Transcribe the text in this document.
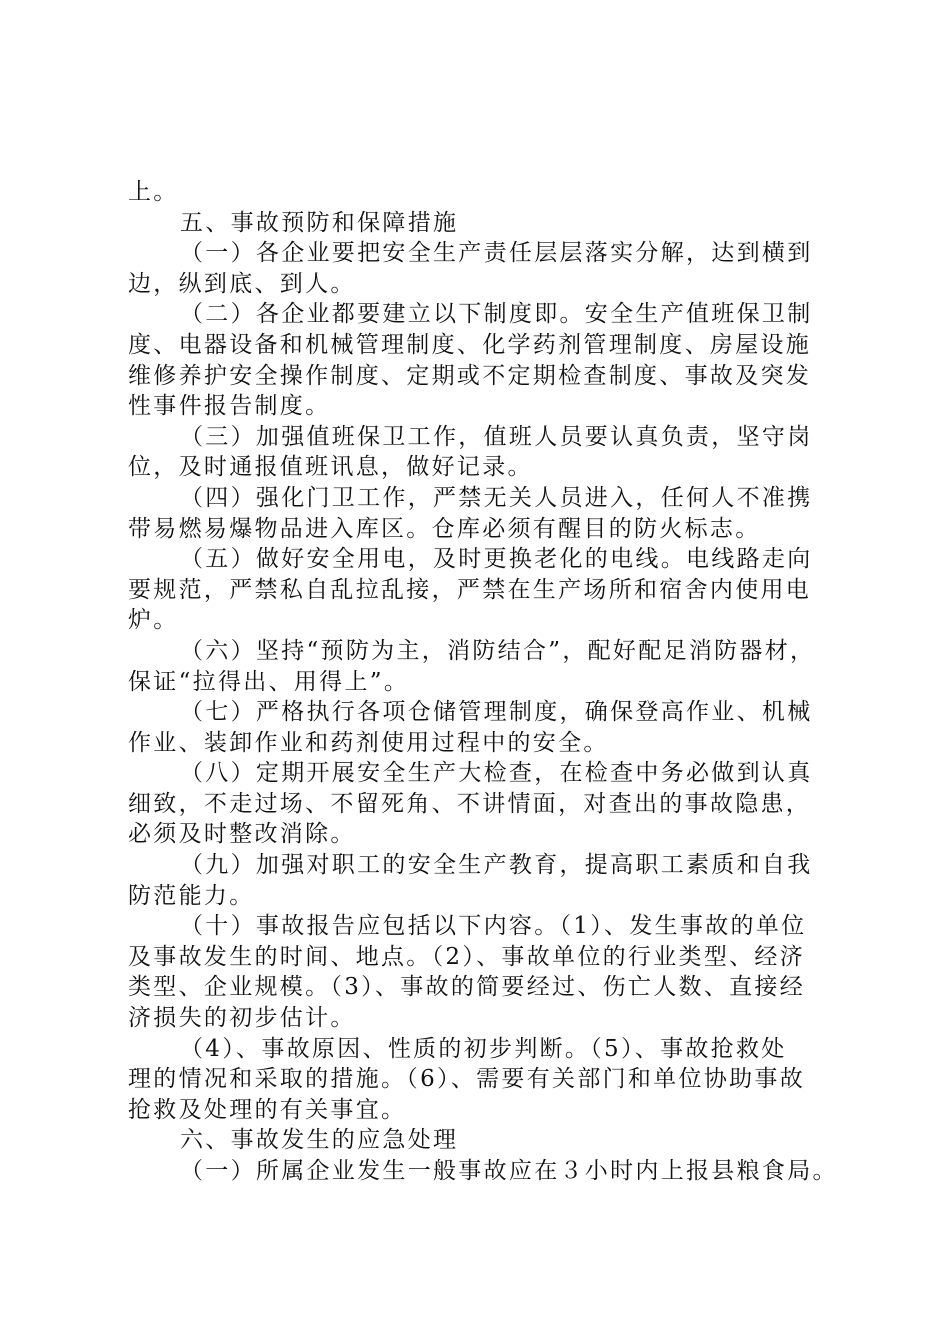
上。
五、事故预防和保障措施
（一）各企业要把安全生产责任层层落实分解，达到横到
边，纵到底、到人。
（二）各企业都要建立以下制度即。安全生产值班保卫制
度、电器设备和机械管理制度、化学药剂管理制度、房屋设施
维修养护安全操作制度、定期或不定期检查制度、事故及突发
性事件报告制度。
（三）加强值班保卫工作，值班人员要认真负责，坚守岗
位，及时通报值班讯息，做好记录。
（四）强化门卫工作，严禁无关人员进入，任何人不准携
带易燃易爆物品进入库区。仓库必须有醒目的防火标志。
（五）做好安全用电，及时更换老化的电线。电线路走向
要规范，严禁私自乱拉乱接，严禁在生产场所和宿舍内使用电
炉。
（六）坚持“预防为主，消防结合”，配好配足消防器材，
保证“拉得出、用得上”。
（七）严格执行各项仓储管理制度，确保登高作业、机械
作业、装卸作业和药剂使用过程中的安全。
（八）定期开展安全生产大检查，在检查中务必做到认真
细致，不走过场、不留死角、不讲情面，对查出的事故隐患，
必须及时整改消除。
（九）加强对职工的安全生产教育，提高职工素质和自我
防范能力。
（十）事故报告应包括以下内容。（1）、发生事故的单位
及事故发生的时间、地点。（2）、事故单位的行业类型、经济
类型、企业规模。（3）、事故的简要经过、伤亡人数、直接经
济损失的初步估计。
（4）、事故原因、性质的初步判断。（5）、事故抢救处
理的情况和采取的措施。（6）、需要有关部门和单位协助事故
抢救及处理的有关事宜。
六、事故发生的应急处理
（一）所属企业发生一般事故应在３小时内上报县粮食局。
